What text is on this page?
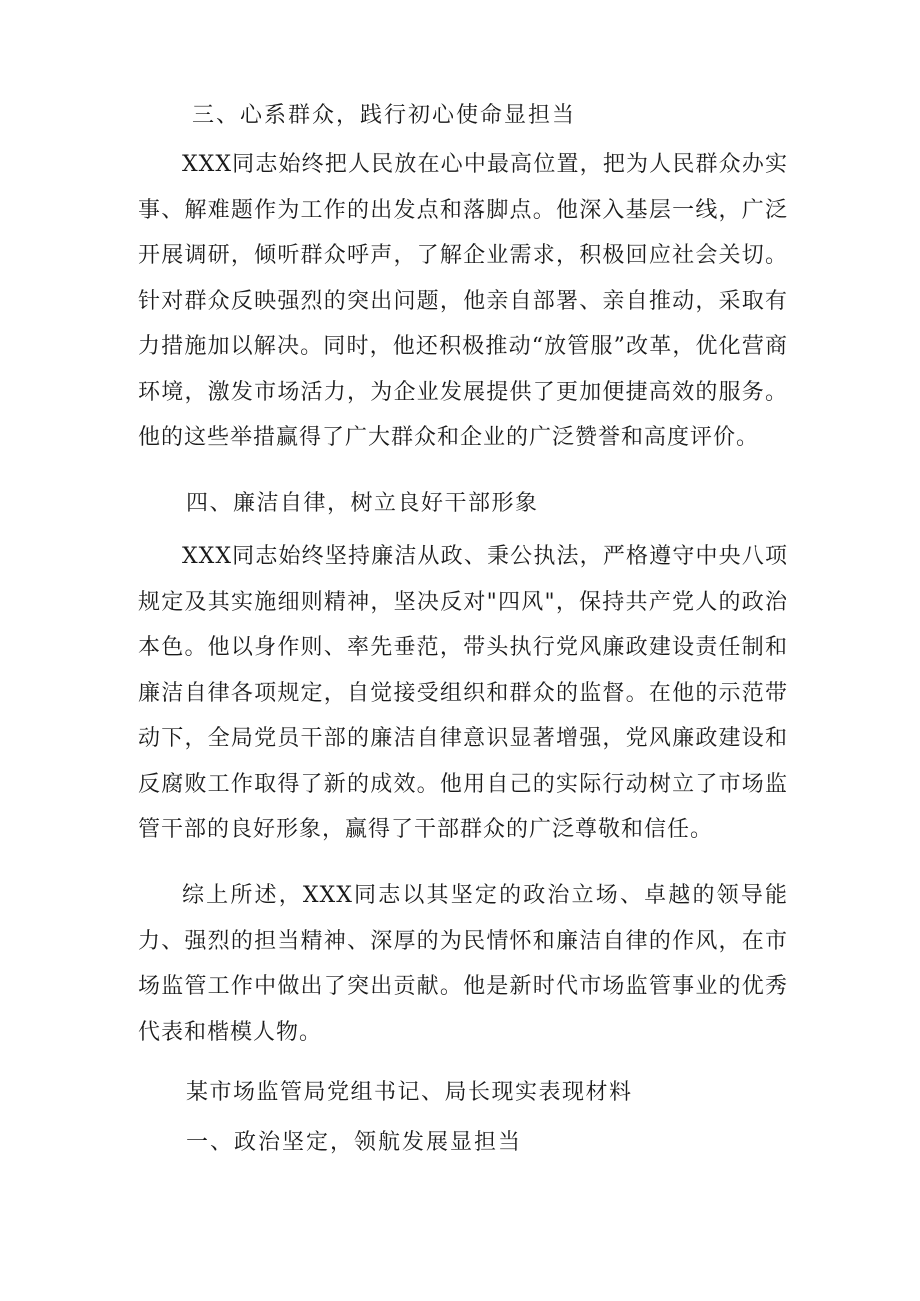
三、心系群众，践行初心使命显担当

XXX同志始终把人民放在心中最高位置，把为人民群众办实事、解难题作为工作的出发点和落脚点。他深入基层一线，广泛开展调研，倾听群众呼声，了解企业需求，积极回应社会关切。针对群众反映强烈的突出问题，他亲自部署、亲自推动，采取有力措施加以解决。同时，他还积极推动“放管服”改革，优化营商环境，激发市场活力，为企业发展提供了更加便捷高效的服务。他的这些举措赢得了广大群众和企业的广泛赞誉和高度评价。

四、廉洁自律，树立良好干部形象

XXX同志始终坚持廉洁从政、秉公执法，严格遵守中央八项规定及其实施细则精神，坚决反对"四风"，保持共产党人的政治本色。他以身作则、率先垂范，带头执行党风廉政建设责任制和廉洁自律各项规定，自觉接受组织和群众的监督。在他的示范带动下，全局党员干部的廉洁自律意识显著增强，党风廉政建设和反腐败工作取得了新的成效。他用自己的实际行动树立了市场监管干部的良好形象，赢得了干部群众的广泛尊敬和信任。

综上所述，XXX同志以其坚定的政治立场、卓越的领导能力、强烈的担当精神、深厚的为民情怀和廉洁自律的作风，在市场监管工作中做出了突出贡献。他是新时代市场监管事业的优秀代表和楷模人物。

某市场监管局党组书记、局长现实表现材料
一、政治坚定，领航发展显担当
